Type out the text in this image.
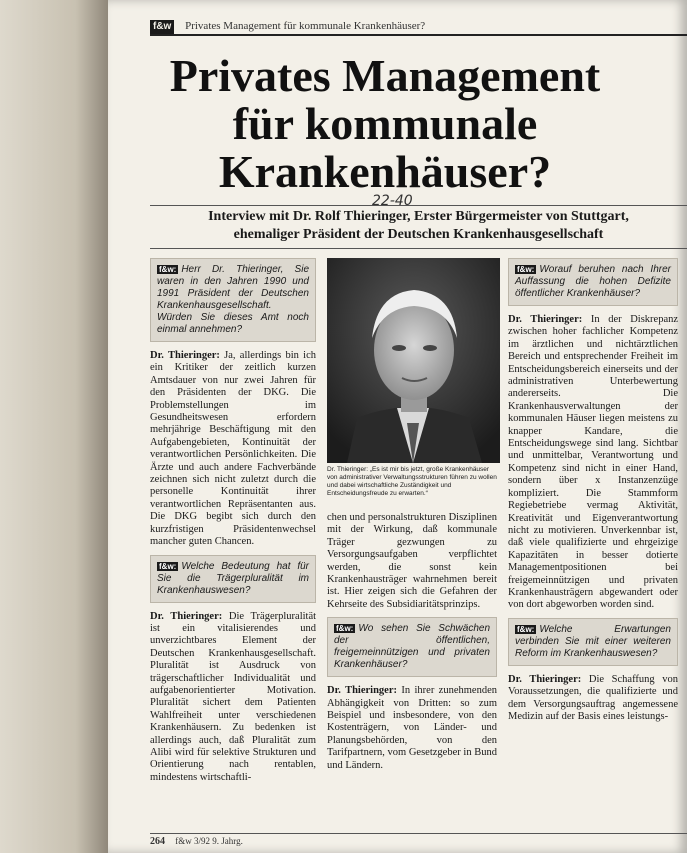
f&w Privates Management für kommunale Krankenhäuser?
Privates Management für kommunale Krankenhäuser?
22-40
Interview mit Dr. Rolf Thieringer, Erster Bürgermeister von Stuttgart,
ehemaliger Präsident der Deutschen Krankenhausgesellschaft
f&w: Herr Dr. Thieringer, Sie waren in den Jahren 1990 und 1991 Präsident der Deutschen Krankenhausgesellschaft. Würden Sie dieses Amt noch einmal annehmen?

Dr. Thieringer: Ja, allerdings bin ich ein Kritiker der zeitlich kurzen Amtsdauer von nur zwei Jahren für den Präsidenten der DKG. Die Problemstellungen im Gesundheitswesen erfordern mehrjährige Beschäftigung mit den Aufgabengebieten, Kontinuität der verantwortlichen Persönlichkeiten. Die Ärzte und auch andere Fachverbände zeichnen sich nicht zuletzt durch die personelle Kontinuität ihrer verantwortlichen Repräsentanten aus. Die DKG begibt sich durch den kurzfristigen Präsidentenwechsel mancher guten Chancen.

f&w: Welche Bedeutung hat für Sie die Trägerpluralität im Krankenhauswesen?

Dr. Thieringer: Die Trägerpluralität ist ein vitalisierendes und unverzichtbares Element der Deutschen Krankenhausgesellschaft. Pluralität ist Ausdruck von trägerschaftlicher Individualität und aufgabenorientierter Motivation. Pluralität sichert dem Patienten Wahlfreiheit unter verschiedenen Krankenhäusern. Zu bedenken ist allerdings auch, daß Pluralität zum Alibi wird für selektive Strukturen und Orientierung nach rentablen, mindestens wirtschaftli-

Dr. Thieringer: „Es ist mir bis jetzt, große Krankenhäuser von administrativer Verwaltungsstrukturen führen zu wollen und dabei wirtschaftliche Zuständigkeit und Entscheidungsfreude zu erwarten.“

chen und personalstrukturen Disziplinen mit der Wirkung, daß kommunale Träger gezwungen zu Versorgungsaufgaben verpflichtet werden, die sonst kein Krankenhausträger wahrnehmen bereit ist. Hier zeigen sich die Gefahren der Kehrseite des Subsidiaritätsprinzips.

f&w: Wo sehen Sie Schwächen der öffentlichen, freigemeinnützigen und privaten Krankenhäuser?

Dr. Thieringer: In ihrer zunehmenden Abhängigkeit von Dritten: so zum Beispiel und insbesondere, von den Kostenträgern, von Länder- und Planungsbehörden, von den Tarifpartnern, vom Gesetzgeber in Bund und Ländern.

f&w: Worauf beruhen nach Ihrer Auffassung die hohen Defizite öffentlicher Krankenhäuser?

Dr. Thieringer: In der Diskrepanz zwischen hoher fachlicher Kompetenz im ärztlichen und nichtärztlichen Bereich und entsprechender Freiheit im Entscheidungsbereich einerseits und der administrativen Unterbewertung andererseits. Die Krankenhausverwaltungen der kommunalen Häuser liegen meistens zu knapper Kandare, die Entscheidungswege sind lang. Sichtbar und unmittelbar, Verantwortung und Kompetenz sind nicht in einer Hand, sondern über x Instanzenzüge kompliziert. Die Stammform Regiebetriebe vermag Aktivität, Kreativität und Eigenverantwortung nicht zu motivieren. Unverkennbar ist, daß viele qualifizierte und ehrgeizige Kapazitäten in besser dotierte Managementpositionen bei freigemeinnützigen und privaten Krankenhausträgern abgewandert oder von dort abgeworben worden sind.

f&w: Welche Erwartungen verbinden Sie mit einer weiteren Reform im Krankenhauswesen?

Dr. Thieringer: Die Schaffung von Voraussetzungen, die qualifizierte und dem Versorgungsauftrag angemessene Medizin auf der Basis eines leistungs-

264 f&w 3/92 9. Jahrg.
